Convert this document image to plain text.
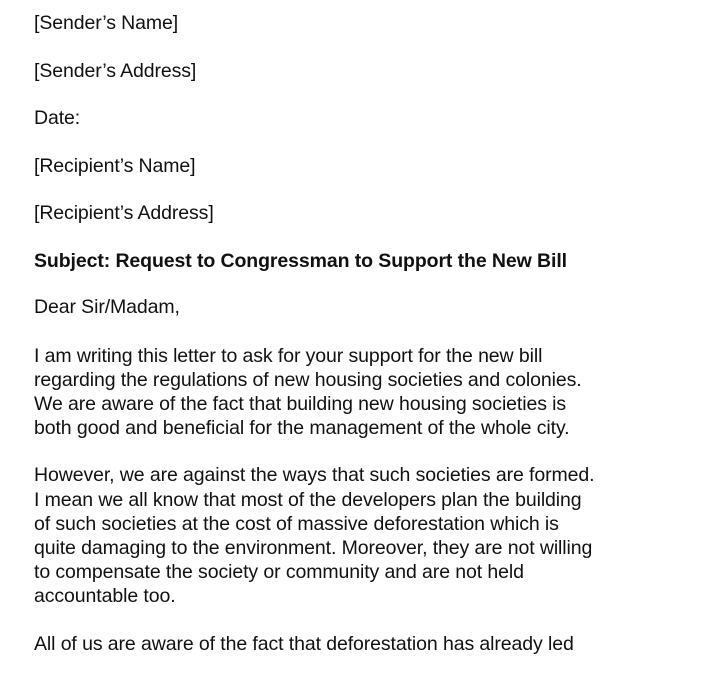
[Sender’s Name]
[Sender’s Address]
Date:
[Recipient’s Name]
[Recipient’s Address]
Subject: Request to Congressman to Support the New Bill
Dear Sir/Madam,
I am writing this letter to ask for your support for the new bill
regarding the regulations of new housing societies and colonies.
We are aware of the fact that building new housing societies is
both good and beneficial for the management of the whole city.
However, we are against the ways that such societies are formed.
I mean we all know that most of the developers plan the building
of such societies at the cost of massive deforestation which is
quite damaging to the environment. Moreover, they are not willing
to compensate the society or community and are not held
accountable too.
All of us are aware of the fact that deforestation has already led
